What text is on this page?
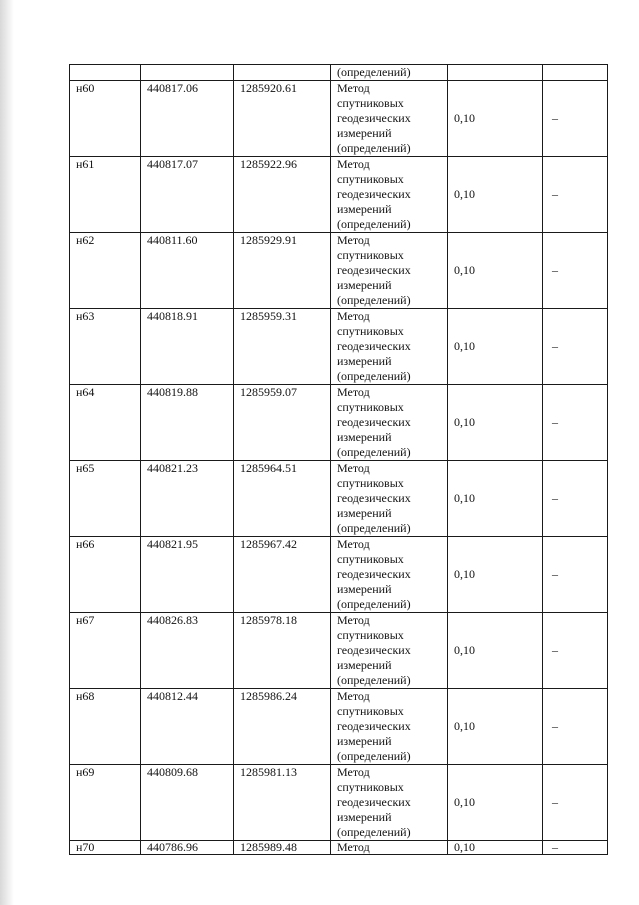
			(определений)		
н60	440817.06	1285920.61	Метод
спутниковых
геодезических
измерений
(определений)	0,10	–
н61	440817.07	1285922.96	Метод
спутниковых
геодезических
измерений
(определений)	0,10	–
н62	440811.60	1285929.91	Метод
спутниковых
геодезических
измерений
(определений)	0,10	–
н63	440818.91	1285959.31	Метод
спутниковых
геодезических
измерений
(определений)	0,10	–
н64	440819.88	1285959.07	Метод
спутниковых
геодезических
измерений
(определений)	0,10	–
н65	440821.23	1285964.51	Метод
спутниковых
геодезических
измерений
(определений)	0,10	–
н66	440821.95	1285967.42	Метод
спутниковых
геодезических
измерений
(определений)	0,10	–
н67	440826.83	1285978.18	Метод
спутниковых
геодезических
измерений
(определений)	0,10	–
н68	440812.44	1285986.24	Метод
спутниковых
геодезических
измерений
(определений)	0,10	–
н69	440809.68	1285981.13	Метод
спутниковых
геодезических
измерений
(определений)	0,10	–
н70	440786.96	1285989.48	Метод	0,10	–
